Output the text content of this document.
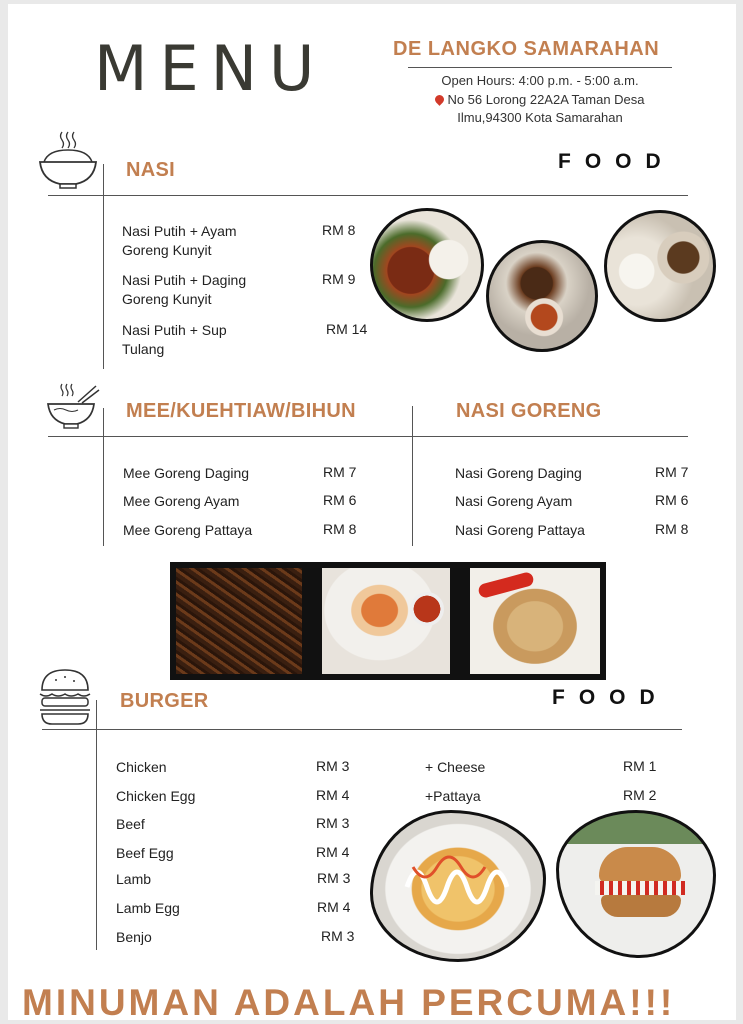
MENU	DE LANGKO SAMARAHAN
Open Hours: 4:00 p.m. - 5:00 a.m.
No 56 Lorong 22A2A Taman Desa
Ilmu,94300 Kota Samarahan
NASI	FOOD
Nasi Putih + Ayam
Goreng Kunyit
RM 8
Nasi Putih + Daging
Goreng Kunyit
RM 9
Nasi Putih + Sup
Tulang
RM 14
MEE/KUEHTIAW/BIHUN	NASI GORENG
Mee Goreng Daging	RM 7
Mee Goreng Ayam	RM 6
Mee Goreng Pattaya	RM 8
Nasi Goreng Daging	RM 7
Nasi Goreng Ayam	RM 6
Nasi Goreng Pattaya	RM 8
BURGER	FOOD
Chicken	RM 3
Chicken Egg	RM 4
Beef	RM 3
Beef Egg	RM 4
Lamb	RM 3
Lamb Egg	RM 4
Benjo	RM 3
+ Cheese	RM 1
+Pattaya	RM 2
MINUMAN ADALAH PERCUMA!!!
